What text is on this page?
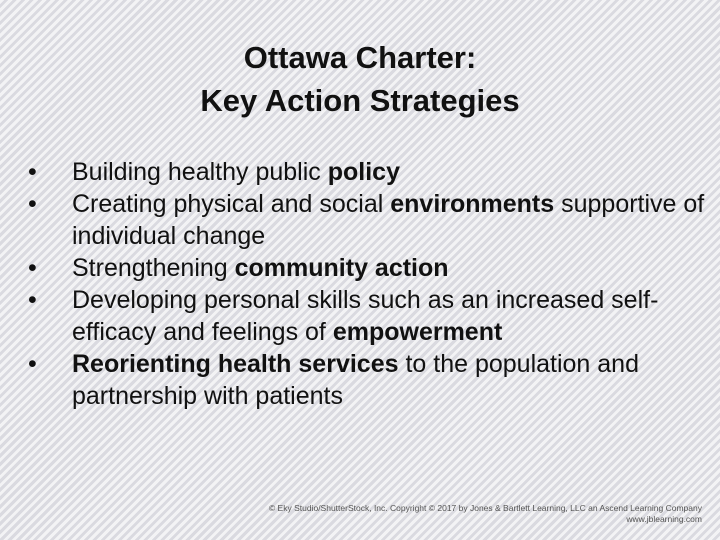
Ottawa Charter:
Key Action Strategies
• Building healthy public policy
• Creating physical and social environments supportive of individual change
• Strengthening community action
• Developing personal skills such as an increased self-efficacy and feelings of empowerment
• Reorienting health services to the population and partnership with patients
© Eky Studio/ShutterStock, Inc. Copyright © 2017 by Jones & Bartlett Learning, LLC an Ascend Learning Company
www.jblearning.com
